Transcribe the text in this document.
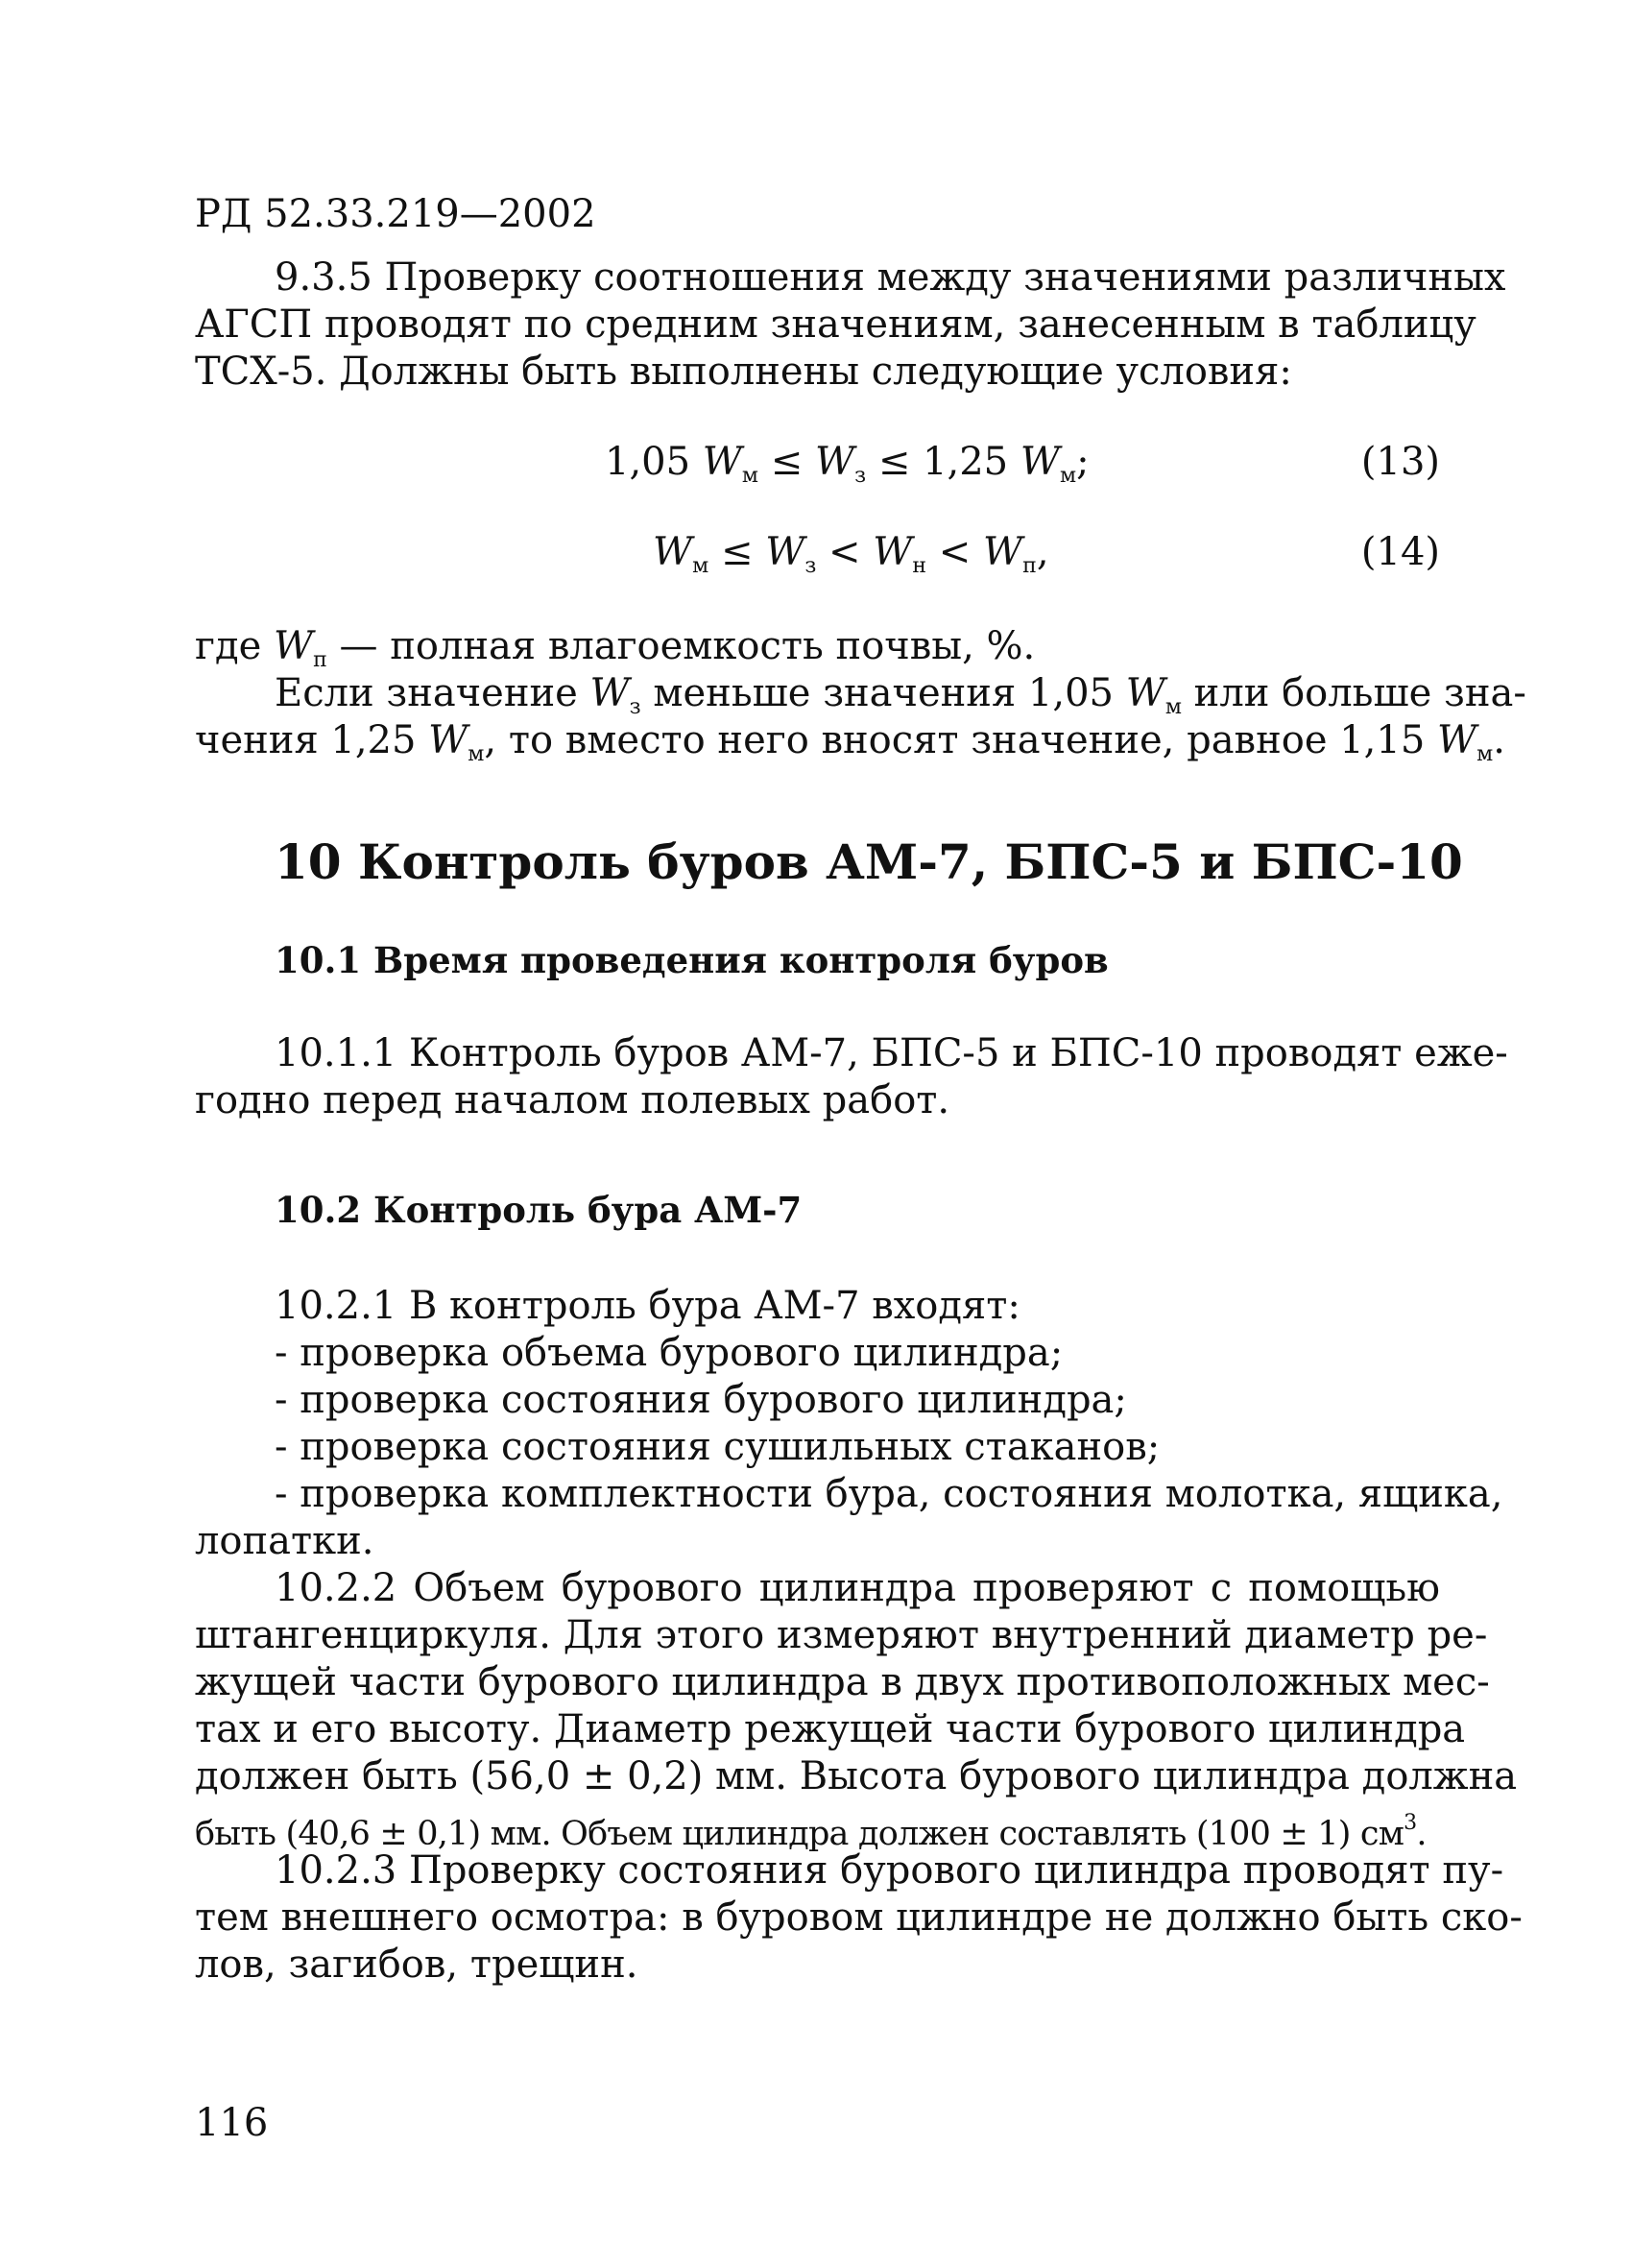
РД 52.33.219—2002
9.3.5 Проверку соотношения между значениями различных
АГСП проводят по средним значениям, занесенным в таблицу
ТСХ-5. Должны быть выполнены следующие условия:
1,05 $W_м \le W_з \le 1,25$ $W_м$;	(13)
$W_м \le W_з < W_н < W_п$,	(14)
где $W_п$ — полная влагоемкость почвы, %.
Если значение $W_з$ меньше значения 1,05 $W_м$ или больше зна-
чения 1,25 $W_м$, то вместо него вносят значение, равное 1,15 $W_м$.
10 Контроль буров АМ-7, БПС-5 и БПС-10
10.1 Время проведения контроля буров
10.1.1 Контроль буров АМ-7, БПС-5 и БПС-10 проводят еже-
годно перед началом полевых работ.
10.2 Контроль бура АМ-7
10.2.1 В контроль бура АМ-7 входят:
- проверка объема бурового цилиндра;
- проверка состояния бурового цилиндра;
- проверка состояния сушильных стаканов;
- проверка комплектности бура, состояния молотка, ящика,
лопатки.
10.2.2 Объем бурового цилиндра проверяют с помощью
штангенциркуля. Для этого измеряют внутренний диаметр ре-
жущей части бурового цилиндра в двух противоположных мес-
тах и его высоту. Диаметр режущей части бурового цилиндра
должен быть (56,0 ± 0,2) мм. Высота бурового цилиндра должна
быть (40,6 ± 0,1) мм. Объем цилиндра должен составлять (100 ± 1) $см^3$.
10.2.3 Проверку состояния бурового цилиндра проводят пу-
тем внешнего осмотра: в буровом цилиндре не должно быть ско-
лов, загибов, трещин.
116
